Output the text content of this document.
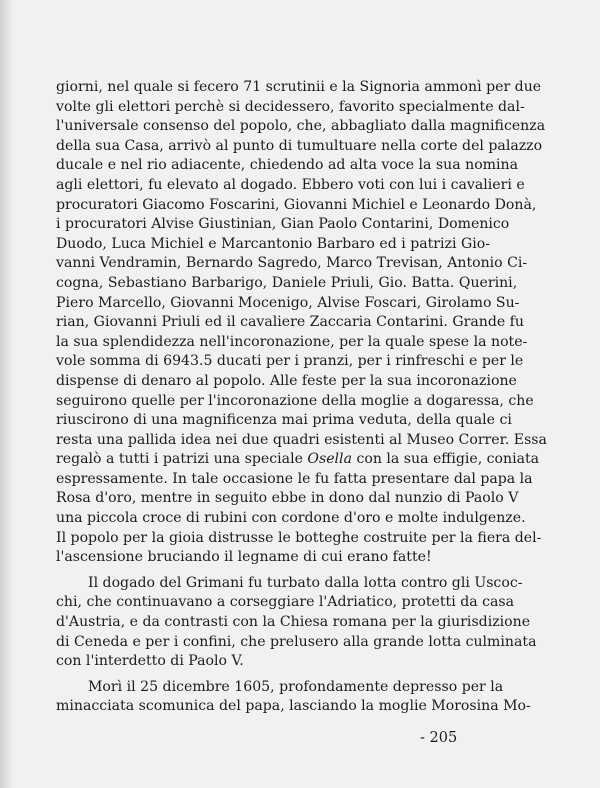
giorni, nel quale si fecero 71 scrutinii e la Signoria ammonì per due
volte gli elettori perchè si decidessero, favorito specialmente dal-
l'universale consenso del popolo, che, abbagliato dalla magnificenza
della sua Casa, arrivò al punto di tumultuare nella corte del palazzo
ducale e nel rio adiacente, chiedendo ad alta voce la sua nomina
agli elettori, fu elevato al dogado. Ebbero voti con lui i cavalieri e
procuratori Giacomo Foscarini, Giovanni Michiel e Leonardo Donà,
i procuratori Alvise Giustinian, Gian Paolo Contarini, Domenico
Duodo, Luca Michiel e Marcantonio Barbaro ed i patrizi Gio-
vanni Vendramin, Bernardo Sagredo, Marco Trevisan, Antonio Ci-
cogna, Sebastiano Barbarigo, Daniele Priuli, Gio. Batta. Querini,
Piero Marcello, Giovanni Mocenigo, Alvise Foscari, Girolamo Su-
rian, Giovanni Priuli ed il cavaliere Zaccaria Contarini. Grande fu
la sua splendidezza nell'incoronazione, per la quale spese la note-
vole somma di 6943.5 ducati per i pranzi, per i rinfreschi e per le
dispense di denaro al popolo. Alle feste per la sua incoronazione
seguirono quelle per l'incoronazione della moglie a dogaressa, che
riuscirono di una magnificenza mai prima veduta, della quale ci
resta una pallida idea nei due quadri esistenti al Museo Correr. Essa
regalò a tutti i patrizi una speciale Osella con la sua effigie, coniata
espressamente. In tale occasione le fu fatta presentare dal papa la
Rosa d'oro, mentre in seguito ebbe in dono dal nunzio di Paolo V
una piccola croce di rubini con cordone d'oro e molte indulgenze.
Il popolo per la gioia distrusse le botteghe costruite per la fiera del-
l'ascensione bruciando il legname di cui erano fatte!
Il dogado del Grimani fu turbato dalla lotta contro gli Uscoc-
chi, che continuavano a corseggiare l'Adriatico, protetti da casa
d'Austria, e da contrasti con la Chiesa romana per la giurisdizione
di Ceneda e per i confini, che prelusero alla grande lotta culminata
con l'interdetto di Paolo V.
Morì il 25 dicembre 1605, profondamente depresso per la
minacciata scomunica del papa, lasciando la moglie Morosina Mo-
- 205
